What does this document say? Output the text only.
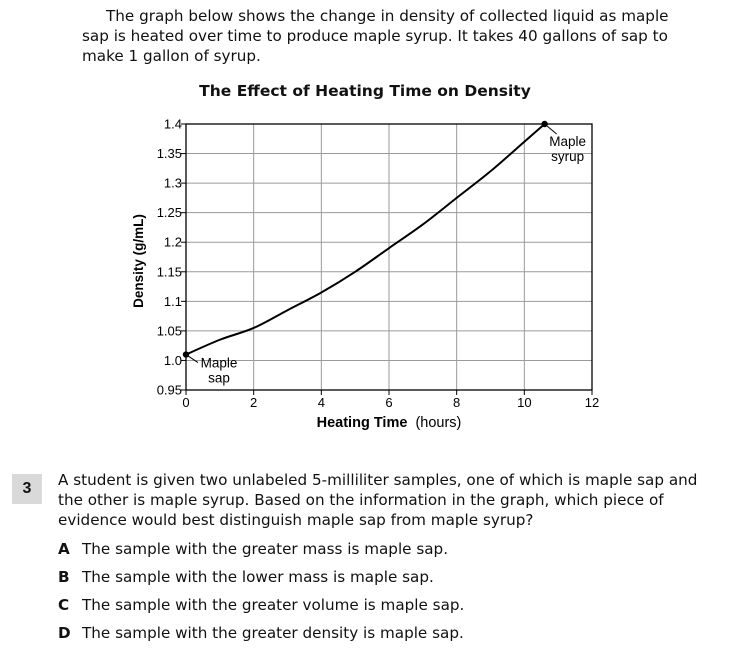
The graph below shows the change in density of collected liquid as maple sap is heated over time to produce maple syrup. It takes 40 gallons of sap to make 1 gallon of syrup.

The Effect of Heating Time on Density
0.95
1.0
1.05
1.1
1.15
1.2
1.25
1.3
1.35
1.4
0	2	4	6	8	10	12
Maple
sap
Maple
syrup
Heating Time (hours)
Density (g/mL)
3	A student is given two unlabeled 5-milliliter samples, one of which is maple sap and the other is maple syrup. Based on the information in the graph, which piece of evidence would best distinguish maple sap from maple syrup?

A The sample with the greater mass is maple sap.
B The sample with the lower mass is maple sap.
C The sample with the greater volume is maple sap.
D The sample with the greater density is maple sap.
